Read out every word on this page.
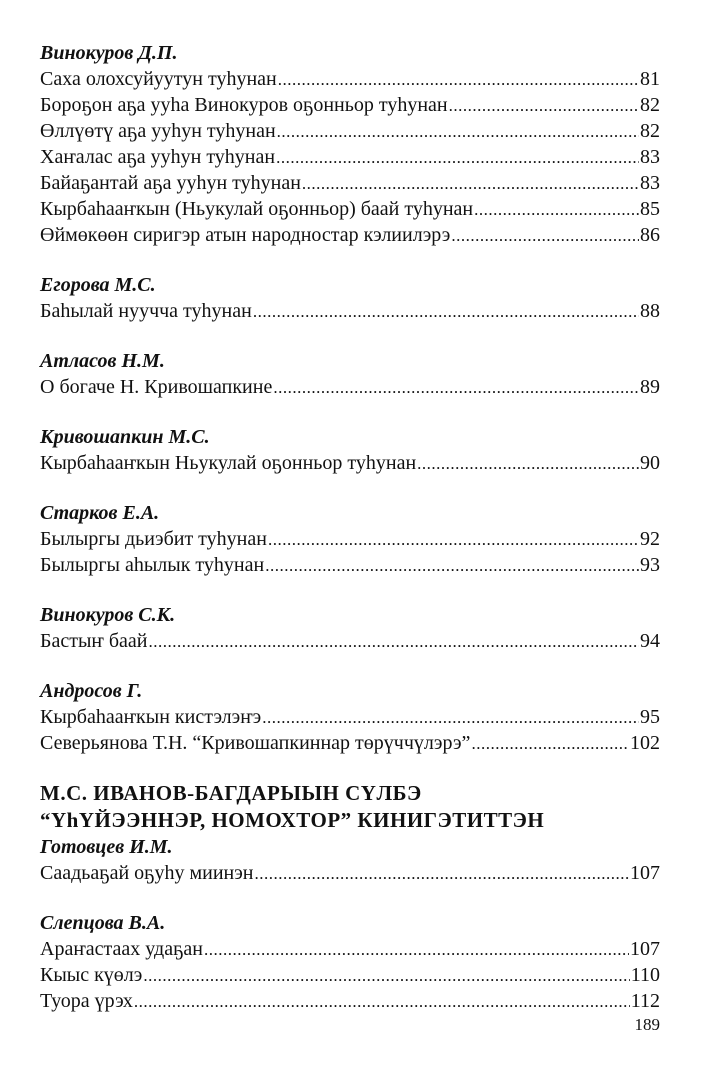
Винокуров Д.П.
Саха олохсуйуутун туhунан .....	81
Бороҕон аҕа ууhа Винокуров оҕонньор туhунан .....	82
Өллүөтү аҕа ууhун туhунан .....	82
Хаҥалас аҕа ууhун туhунан .....	83
Байаҕантай аҕа ууhун туhунан .....	83
Кырбаhааҥкын (Ньукулай оҕонньор) баай туhунан .....	85
Өймөкөөн сиригэр атын народностар кэлиилэрэ .....	86
Егорова М.С.
Баhылай нуучча туhунан .....	88
Атласов Н.М.
О богаче Н. Кривошапкине .....	89
Кривошапкин М.С.
Кырбаhааҥкын Ньукулай оҕонньор туhунан .....	90
Старков Е.А.
Былыргы дьиэбит туhунан .....	92
Былыргы аhылык туhунан .....	93
Винокуров С.К.
Бастыҥ баай .....	94
Андросов Г.
Кырбаhааҥкын кистэлэҥэ .....	95
Северьянова Т.Н. “Кривошапкиннар төрүччүлэрэ” .....	102
М.С. ИВАНОВ-БАГДАРЫЫН СҮЛБЭ
“YhYЙЭЭННЭР, НОМОХТОР” КИНИГЭТИТТЭН
Готовцев И.М.
Саадьаҕай оҕуhу миинэн .....	107
Слепцова В.А.
Араҥастаах удаҕан .....	107
Кыыс күөлэ .....	110
Туора үрэх .....	112
189
